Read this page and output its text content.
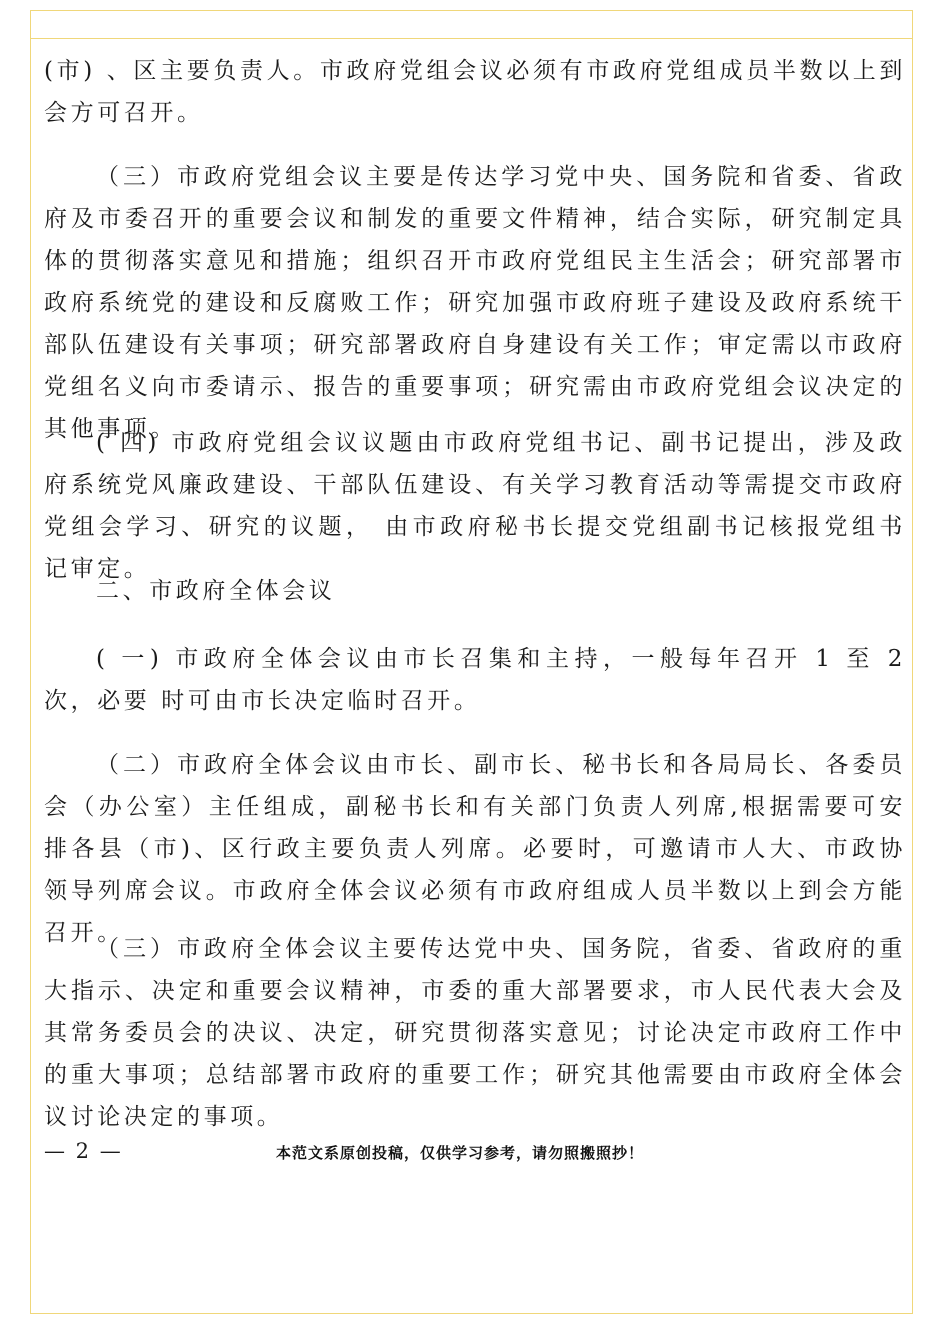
(市) 、区主要负责人。市政府党组会议必须有市政府党组成员半数以上到会方可召开。

（三）市政府党组会议主要是传达学习党中央、国务院和省委、省政府及市委召开的重要会议和制发的重要文件精神，结合实际，研究制定具体的贯彻落实意见和措施；组织召开市政府党组民主生活会；研究部署市政府系统党的建设和反腐败工作；研究加强市政府班子建设及政府系统干部队伍建设有关事项；研究部署政府自身建设有关工作；审定需以市政府党组名义向市委请示、报告的重要事项；研究需由市政府党组会议决定的其他事项。

( 四) 市政府党组会议议题由市政府党组书记、副书记提出，涉及政府系统党风廉政建设、干部队伍建设、有关学习教育活动等需提交市政府党组会学习、研究的议题， 由市政府秘书长提交党组副书记核报党组书记审定。

二、市政府全体会议

( 一) 市政府全体会议由市长召集和主持，一般每年召开 1 至 2 次，必要 时可由市长决定临时召开。

（二）市政府全体会议由市长、副市长、秘书长和各局局长、各委员会（办公室）主任组成，副秘书长和有关部门负责人列席,根据需要可安排各县（市)、区行政主要负责人列席。必要时，可邀请市人大、市政协领导列席会议。市政府全体会议必须有市政府组成人员半数以上到会方能召开。

（三）市政府全体会议主要传达党中央、国务院，省委、省政府的重大指示、决定和重要会议精神，市委的重大部署要求，市人民代表大会及其常务委员会的决议、决定，研究贯彻落实意见；讨论决定市政府工作中的重大事项；总结部署市政府的重要工作；研究其他需要由市政府全体会议讨论决定的事项。

— 2 —	本范文系原创投稿，仅供学习参考，请勿照搬照抄！
